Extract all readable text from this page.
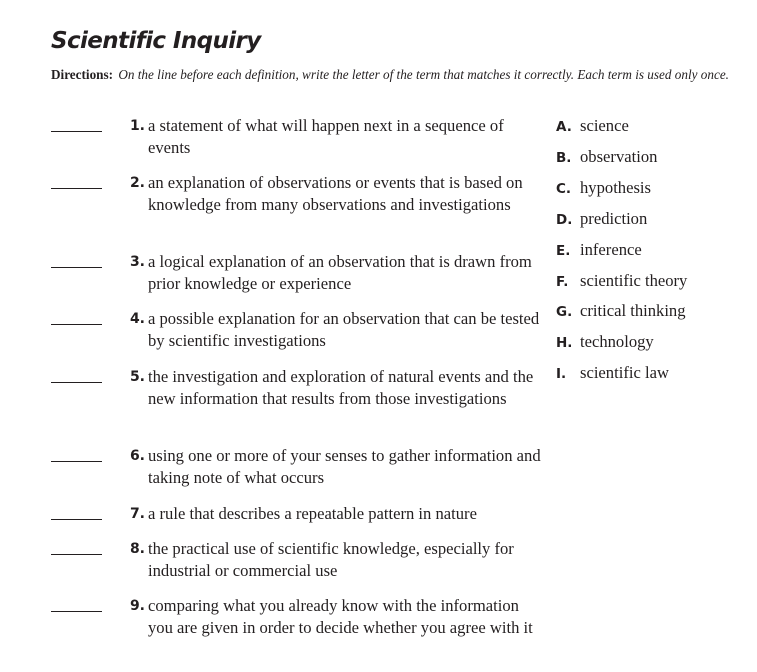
Scientific Inquiry

Directions: On the line before each definition, write the letter of the term that matches it correctly. Each term is used only once.

1. a statement of what will happen next in a sequence of events
2. an explanation of observations or events that is based on knowledge from many observations and investigations
3. a logical explanation of an observation that is drawn from prior knowledge or experience
4. a possible explanation for an observation that can be tested by scientific investigations
5. the investigation and exploration of natural events and the new information that results from those investigations
6. using one or more of your senses to gather information and taking note of what occurs
7. a rule that describes a repeatable pattern in nature
8. the practical use of scientific knowledge, especially for industrial or commercial use
9. comparing what you already know with the information you are given in order to decide whether you agree with it
A. science
B. observation
C. hypothesis
D. prediction
E. inference
F. scientific theory
G. critical thinking
H. technology
I. scientific law
